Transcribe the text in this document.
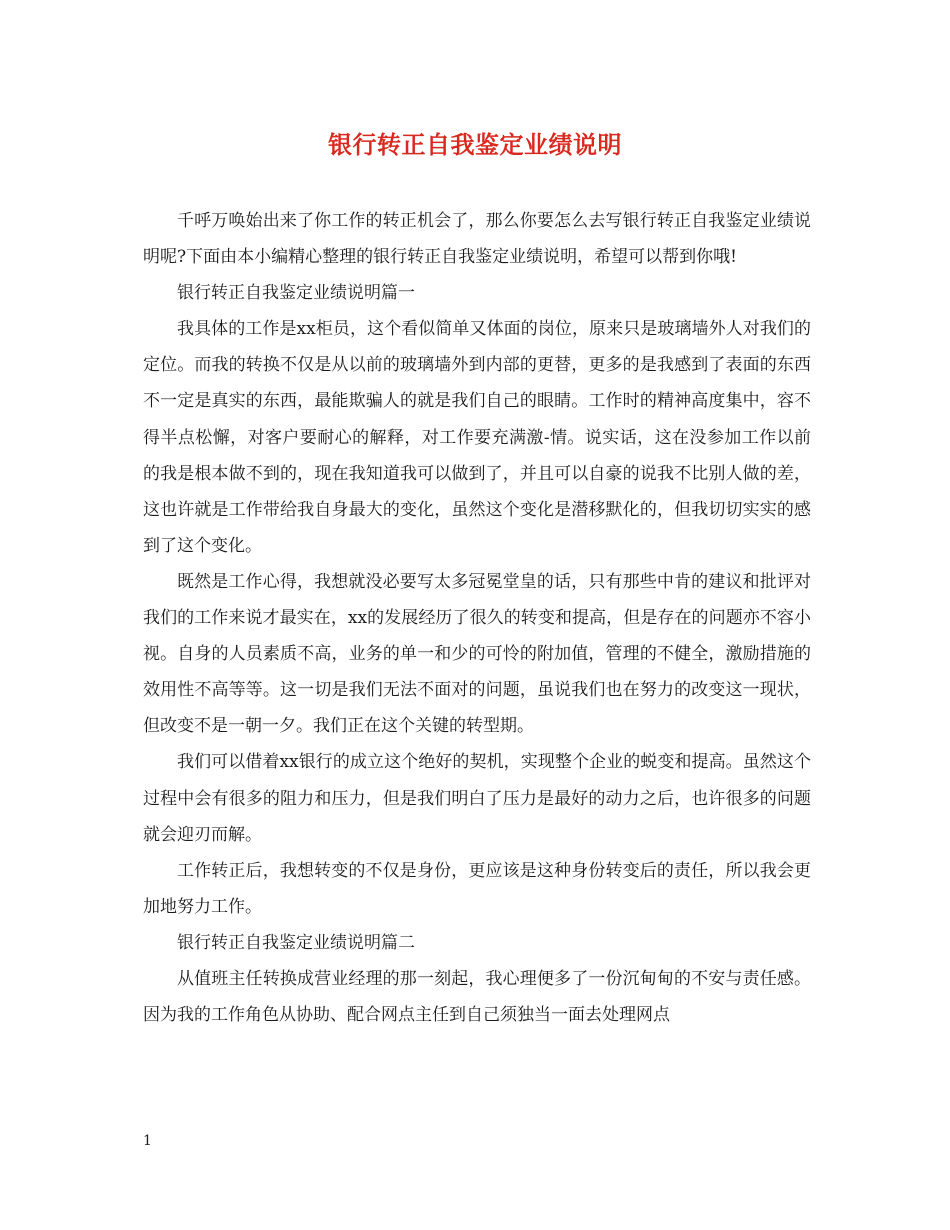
银行转正自我鉴定业绩说明

千呼万唤始出来了你工作的转正机会了，那么你要怎么去写银行转正自我鉴定业绩说明呢?下面由本小编精心整理的银行转正自我鉴定业绩说明，希望可以帮到你哦!

银行转正自我鉴定业绩说明篇一

我具体的工作是xx柜员，这个看似简单又体面的岗位，原来只是玻璃墙外人对我们的定位。而我的转换不仅是从以前的玻璃墙外到内部的更替，更多的是我感到了表面的东西不一定是真实的东西，最能欺骗人的就是我们自己的眼睛。工作时的精神高度集中，容不得半点松懈，对客户要耐心的解释，对工作要充满激-情。说实话，这在没参加工作以前的我是根本做不到的，现在我知道我可以做到了，并且可以自豪的说我不比别人做的差，这也许就是工作带给我自身最大的变化，虽然这个变化是潜移默化的，但我切切实实的感到了这个变化。

既然是工作心得，我想就没必要写太多冠冕堂皇的话，只有那些中肯的建议和批评对我们的工作来说才最实在，xx的发展经历了很久的转变和提高，但是存在的问题亦不容小视。自身的人员素质不高，业务的单一和少的可怜的附加值，管理的不健全，激励措施的效用性不高等等。这一切是我们无法不面对的问题，虽说我们也在努力的改变这一现状，但改变不是一朝一夕。我们正在这个关键的转型期。

我们可以借着xx银行的成立这个绝好的契机，实现整个企业的蜕变和提高。虽然这个过程中会有很多的阻力和压力，但是我们明白了压力是最好的动力之后，也许很多的问题就会迎刃而解。

工作转正后，我想转变的不仅是身份，更应该是这种身份转变后的责任，所以我会更加地努力工作。

银行转正自我鉴定业绩说明篇二

从值班主任转换成营业经理的那一刻起，我心理便多了一份沉甸甸的不安与责任感。因为我的工作角色从协助、配合网点主任到自己须独当一面去处理网点

1
